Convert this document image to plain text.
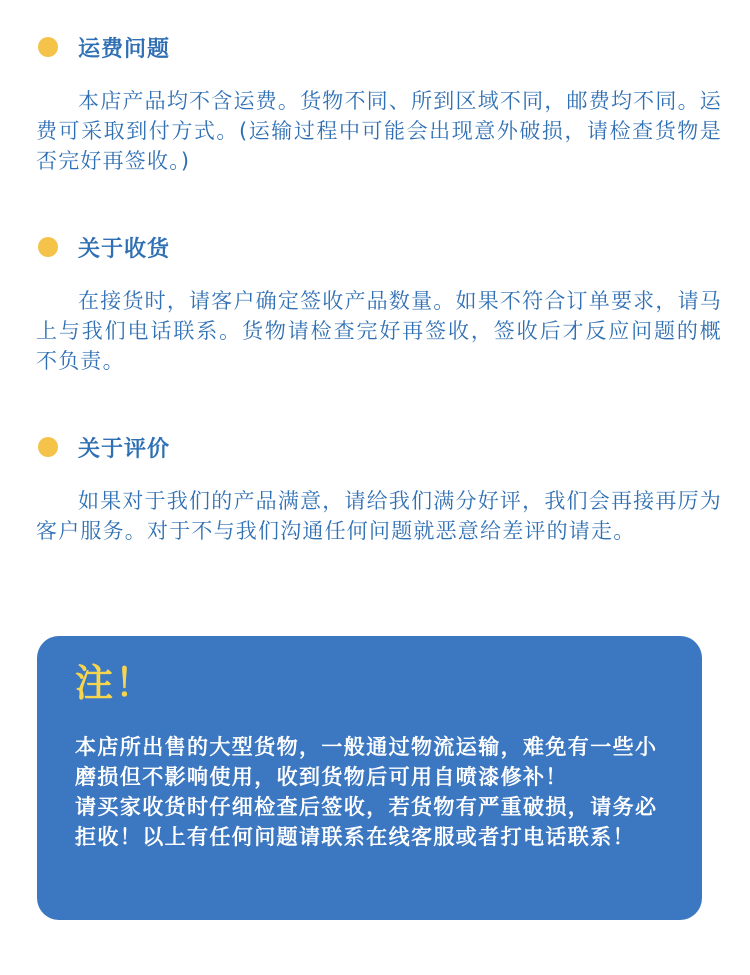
运费问题
本店产品均不含运费。货物不同、所到区域不同，邮费均不同。运费可采取到付方式。(运输过程中可能会出现意外破损，请检查货物是否完好再签收。)
关于收货
在接货时，请客户确定签收产品数量。如果不符合订单要求，请马上与我们电话联系。货物请检查完好再签收，签收后才反应问题的概不负责。
关于评价
如果对于我们的产品满意，请给我们满分好评，我们会再接再厉为客户服务。对于不与我们沟通任何问题就恶意给差评的请走。
注！

本店所出售的大型货物，一般通过物流运输，难免有一些小磨损但不影响使用，收到货物后可用自喷漆修补！

请买家收货时仔细检查后签收，若货物有严重破损，请务必拒收！以上有任何问题请联系在线客服或者打电话联系！
